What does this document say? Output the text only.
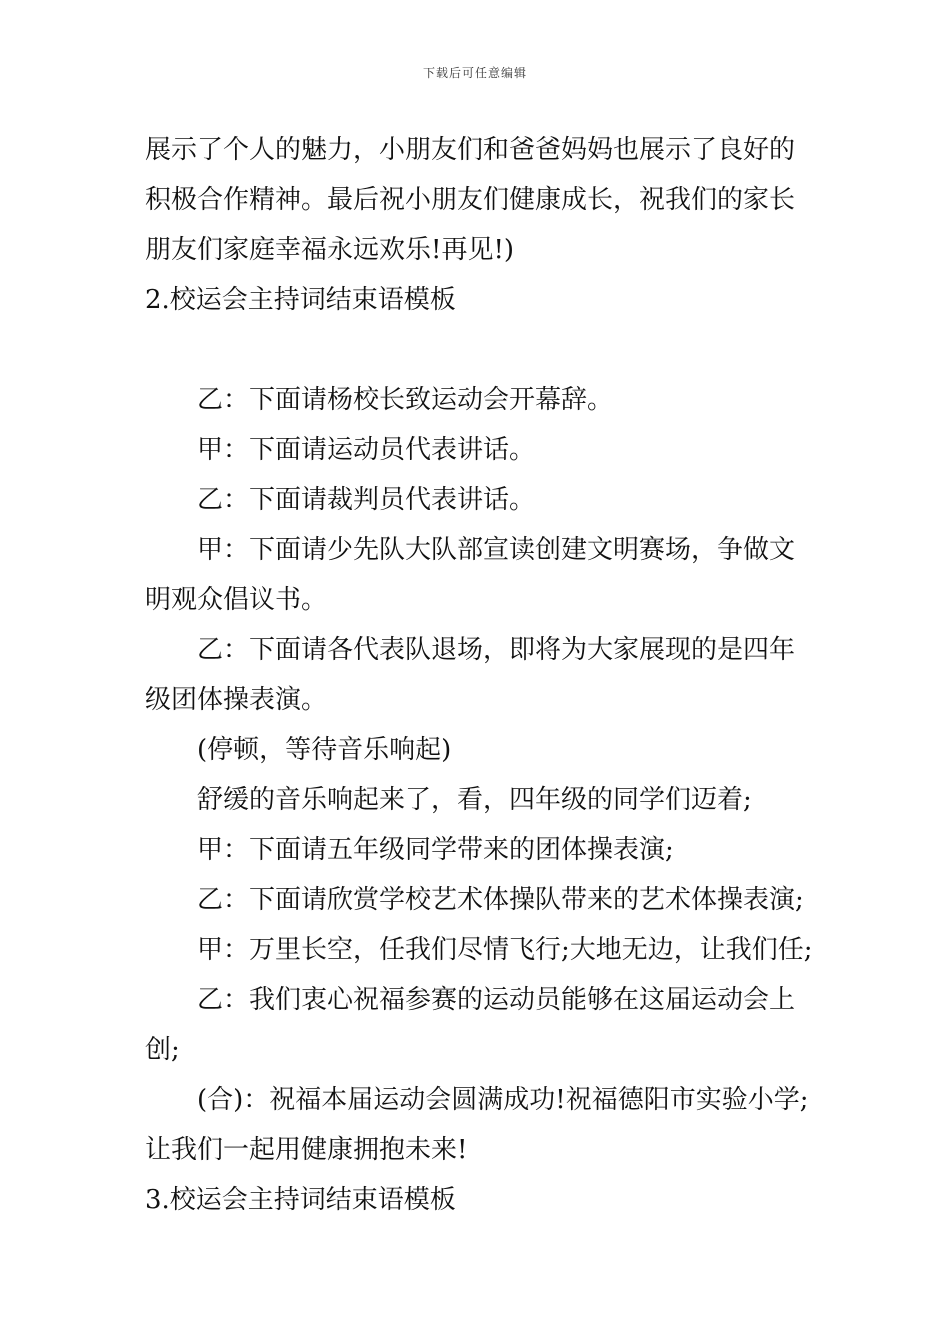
下载后可任意编辑
展示了个人的魅力，小朋友们和爸爸妈妈也展示了良好的
积极合作精神。最后祝小朋友们健康成长，祝我们的家长
朋友们家庭幸福永远欢乐!再见!)
2.校运会主持词结束语模板
乙：下面请杨校长致运动会开幕辞。
甲：下面请运动员代表讲话。
乙：下面请裁判员代表讲话。
甲：下面请少先队大队部宣读创建文明赛场，争做文
明观众倡议书。
乙：下面请各代表队退场，即将为大家展现的是四年
级团体操表演。
(停顿，等待音乐响起)
舒缓的音乐响起来了，看，四年级的同学们迈着;
甲：下面请五年级同学带来的团体操表演;
乙：下面请欣赏学校艺术体操队带来的艺术体操表演;
甲：万里长空，任我们尽情飞行;大地无边，让我们任;
乙：我们衷心祝福参赛的运动员能够在这届运动会上
创;
(合)：祝福本届运动会圆满成功!祝福德阳市实验小学;
让我们一起用健康拥抱未来!
3.校运会主持词结束语模板
